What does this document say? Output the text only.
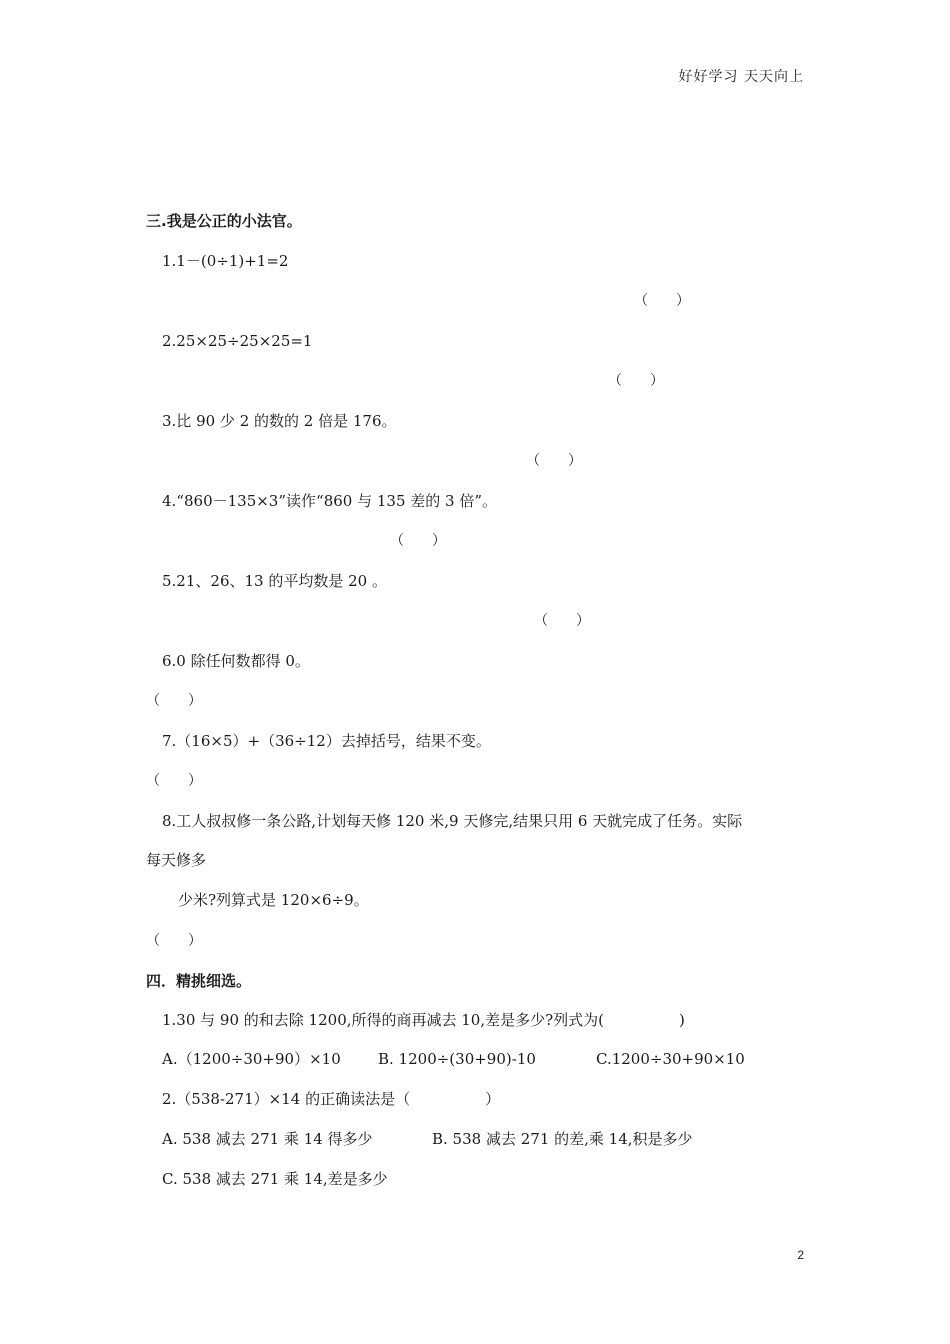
好好学习 天天向上
三.我是公正的小法官。
1.1－(0÷1)+1=2
（　　）
2.25×25÷25×25=1
（　　）
3.比 90 少 2 的数的 2 倍是 176。
（　　）
4.“860－135×3”读作“860 与 135 差的 3 倍”。
（　　）
5.21、26、13 的平均数是 20 。
（　　）
6.0 除任何数都得 0。
（　　）
7.（16×5）+（36÷12）去掉括号，结果不变。
（　　）
8.工人叔叔修一条公路,计划每天修 120 米,9 天修完,结果只用 6 天就完成了任务。实际
每天修多
少米?列算式是 120×6÷9。
（　　）
四．精挑细选。
1.30 与 90 的和去除 1200,所得的商再减去 10,差是多少?列式为(　　　　　)
A.（1200÷30+90）×10 B. 1200÷(30+90)-10	C.1200÷30+90×10
2.（538-271）×14 的正确读法是（　　　　　）
A. 538 减去 271 乘 14 得多少	B. 538 减去 271 的差,乘 14,积是多少
C. 538 减去 271 乘 14,差是多少
2
